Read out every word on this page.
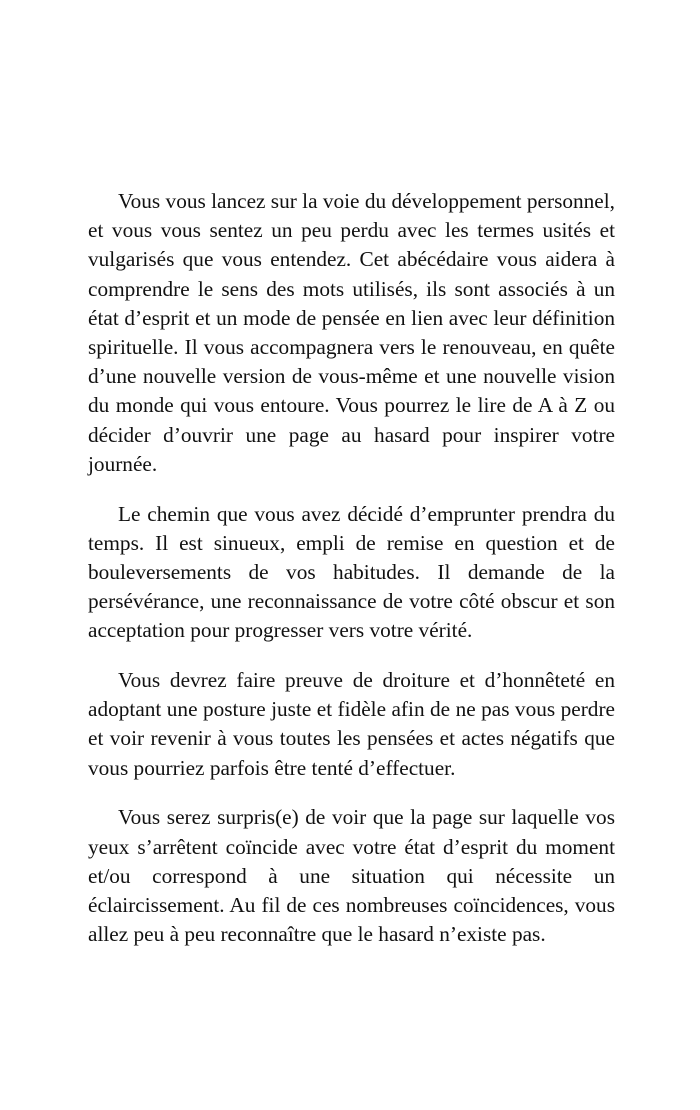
Vous vous lancez sur la voie du développement personnel, et vous vous sentez un peu perdu avec les termes usités et vulgarisés que vous entendez. Cet abécédaire vous aidera à comprendre le sens des mots utilisés, ils sont associés à un état d’esprit et un mode de pensée en lien avec leur définition spirituelle. Il vous accompagnera vers le renouveau, en quête d’une nouvelle version de vous-même et une nouvelle vision du monde qui vous entoure. Vous pourrez le lire de A à Z ou décider d’ouvrir une page au hasard pour inspirer votre journée.

Le chemin que vous avez décidé d’emprunter prendra du temps. Il est sinueux, empli de remise en question et de bouleversements de vos habitudes. Il demande de la persévérance, une reconnaissance de votre côté obscur et son acceptation pour progresser vers votre vérité.

Vous devrez faire preuve de droiture et d’honnêteté en adoptant une posture juste et fidèle afin de ne pas vous perdre et voir revenir à vous toutes les pensées et actes négatifs que vous pourriez parfois être tenté d’effectuer.

Vous serez surpris(e) de voir que la page sur laquelle vos yeux s’arrêtent coïncide avec votre état d’esprit du moment et/ou correspond à une situation qui nécessite un éclaircissement. Au fil de ces nombreuses coïncidences, vous allez peu à peu reconnaître que le hasard n’existe pas.
